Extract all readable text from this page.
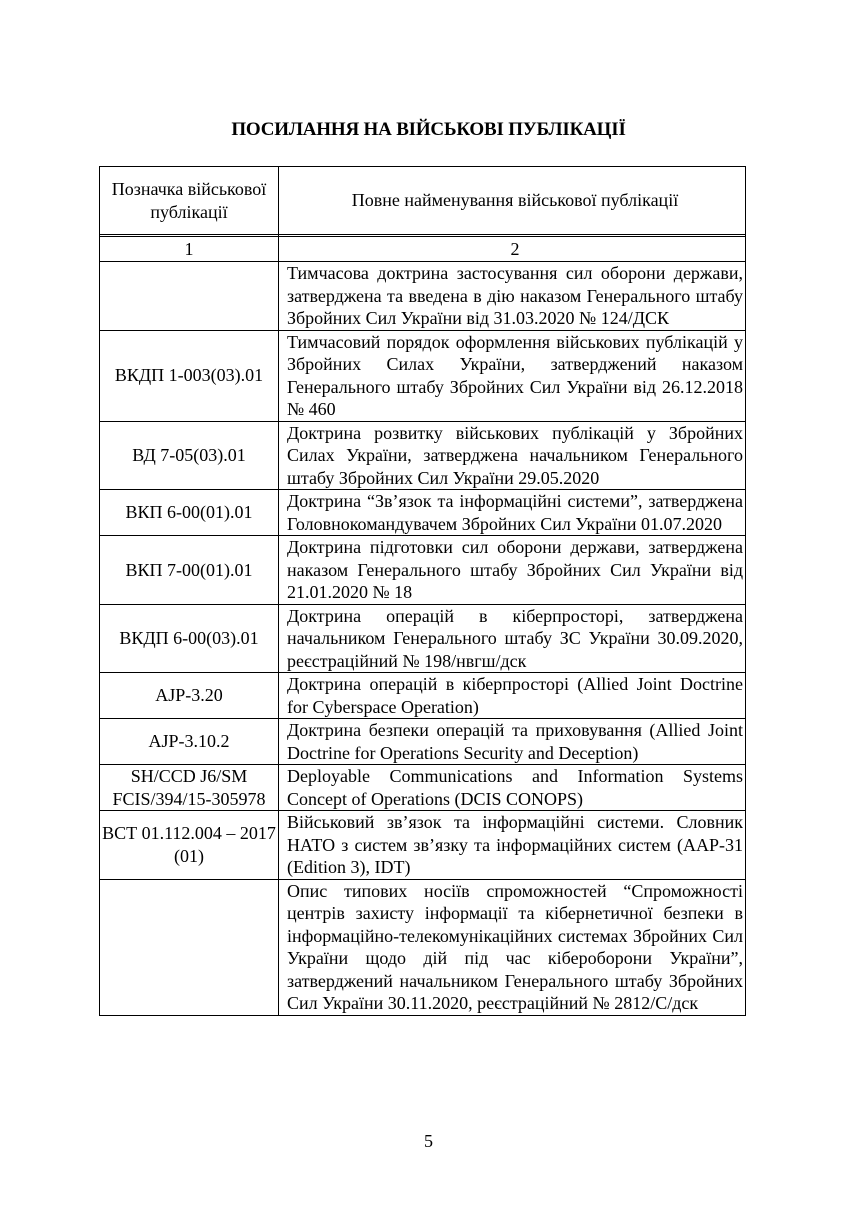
ПОСИЛАННЯ НА ВІЙСЬКОВІ ПУБЛІКАЦІЇ
Позначка військової публікації	Повне найменування військової публікації

1	2
	Тимчасова доктрина застосування сил оборони держави, затверджена та введена в дію наказом Генерального штабу Збройних Сил України від 31.03.2020 № 124/ДСК
ВКДП 1-003(03).01	Тимчасовий порядок оформлення військових публікацій у Збройних Силах України, затверджений наказом Генерального штабу Збройних Сил України від 26.12.2018 № 460
ВД 7-05(03).01	Доктрина розвитку військових публікацій у Збройних Силах України, затверджена начальником Генерального штабу Збройних Сил України 29.05.2020
ВКП 6-00(01).01	Доктрина “Зв’язок та інформаційні системи”, затверджена Головнокомандувачем Збройних Сил України 01.07.2020
ВКП 7-00(01).01	Доктрина підготовки сил оборони держави, затверджена наказом Генерального штабу Збройних Сил України від 21.01.2020 № 18
ВКДП 6-00(03).01	Доктрина операцій в кіберпросторі, затверджена начальником Генерального штабу ЗС України 30.09.2020, реєстраційний № 198/нвгш/дск
AJP-3.20	Доктрина операцій в кіберпросторі (Allied Joint Doctrine for Cyberspace Operation)
AJP-3.10.2	Доктрина безпеки операцій та приховування (Allied Joint Doctrine for Operations Security and Deception)
SH/CCD J6/SM FCIS/394/15-305978	Deployable Communications and Information Systems Concept of Operations (DCIS CONOPS)
ВСТ 01.112.004 – 2017 (01)	Військовий зв’язок та інформаційні системи. Словник НАТО з систем зв’язку та інформаційних систем (AAP-31 (Edition 3), IDT)
	Опис типових носіїв спроможностей “Спроможності центрів захисту інформації та кібернетичної безпеки в інформаційно-телекомунікаційних системах Збройних Сил України щодо дій під час кібероборони України”, затверджений начальником Генерального штабу Збройних Сил України 30.11.2020, реєстраційний № 2812/С/дск
5
